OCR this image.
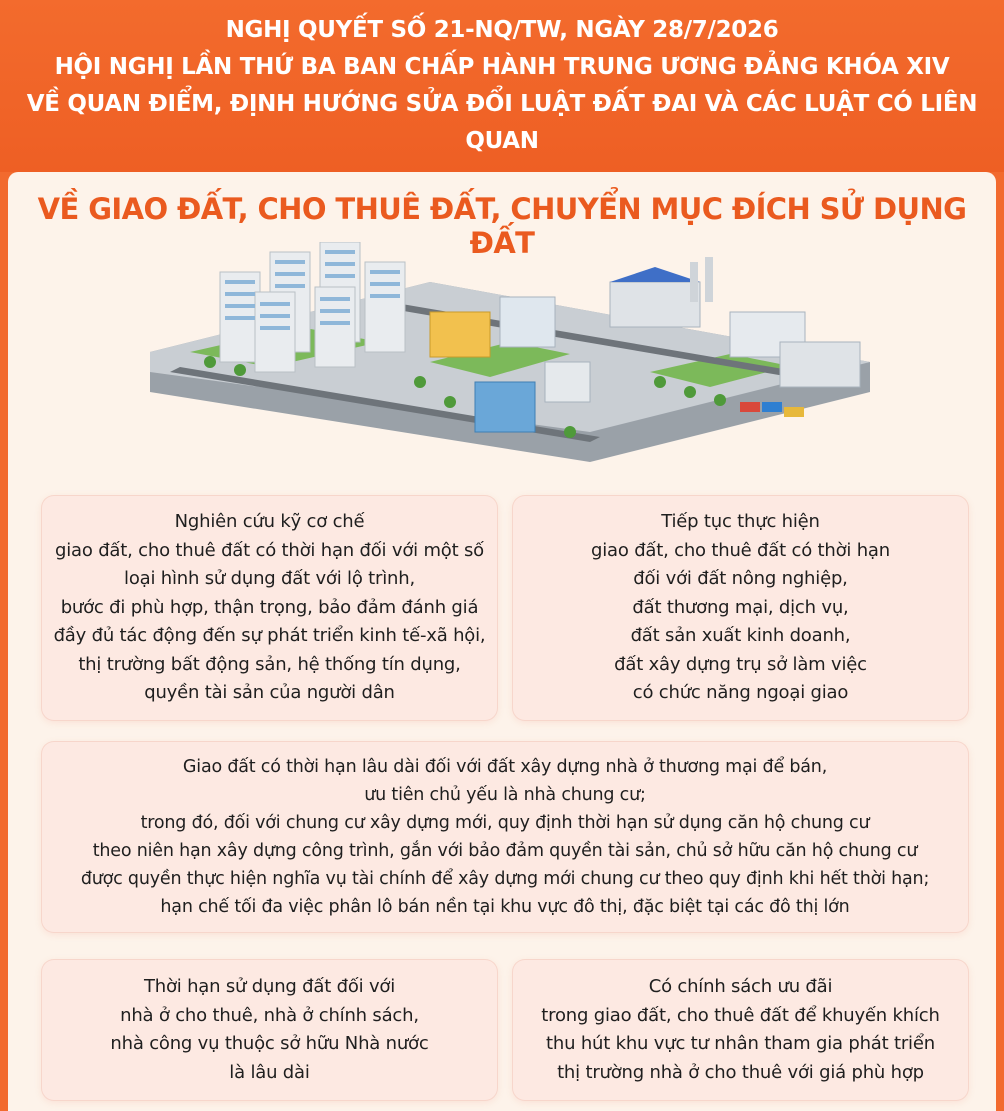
NGHỊ QUYẾT SỐ 21-NQ/TW, NGÀY 28/7/2026
HỘI NGHỊ LẦN THỨ BA BAN CHẤP HÀNH TRUNG ƯƠNG ĐẢNG KHÓA XIV
VỀ QUAN ĐIỂM, ĐỊNH HƯỚNG SỬA ĐỔI LUẬT ĐẤT ĐAI VÀ CÁC LUẬT CÓ LIÊN QUAN
VỀ GIAO ĐẤT, CHO THUÊ ĐẤT, CHUYỂN MỤC ĐÍCH SỬ DỤNG ĐẤT
Nghiên cứu kỹ cơ chế
giao đất, cho thuê đất có thời hạn đối với một số
loại hình sử dụng đất với lộ trình,
bước đi phù hợp, thận trọng, bảo đảm đánh giá
đầy đủ tác động đến sự phát triển kinh tế-xã hội,
thị trường bất động sản, hệ thống tín dụng,
quyền tài sản của người dân
Tiếp tục thực hiện
giao đất, cho thuê đất có thời hạn
đối với đất nông nghiệp,
đất thương mại, dịch vụ,
đất sản xuất kinh doanh,
đất xây dựng trụ sở làm việc
có chức năng ngoại giao
Giao đất có thời hạn lâu dài đối với đất xây dựng nhà ở thương mại để bán,
ưu tiên chủ yếu là nhà chung cư;
trong đó, đối với chung cư xây dựng mới, quy định thời hạn sử dụng căn hộ chung cư
theo niên hạn xây dựng công trình, gắn với bảo đảm quyền tài sản, chủ sở hữu căn hộ chung cư
được quyền thực hiện nghĩa vụ tài chính để xây dựng mới chung cư theo quy định khi hết thời hạn;
hạn chế tối đa việc phân lô bán nền tại khu vực đô thị, đặc biệt tại các đô thị lớn
Thời hạn sử dụng đất đối với
nhà ở cho thuê, nhà ở chính sách,
nhà công vụ thuộc sở hữu Nhà nước
là lâu dài
Có chính sách ưu đãi
trong giao đất, cho thuê đất để khuyến khích
thu hút khu vực tư nhân tham gia phát triển
thị trường nhà ở cho thuê với giá phù hợp
